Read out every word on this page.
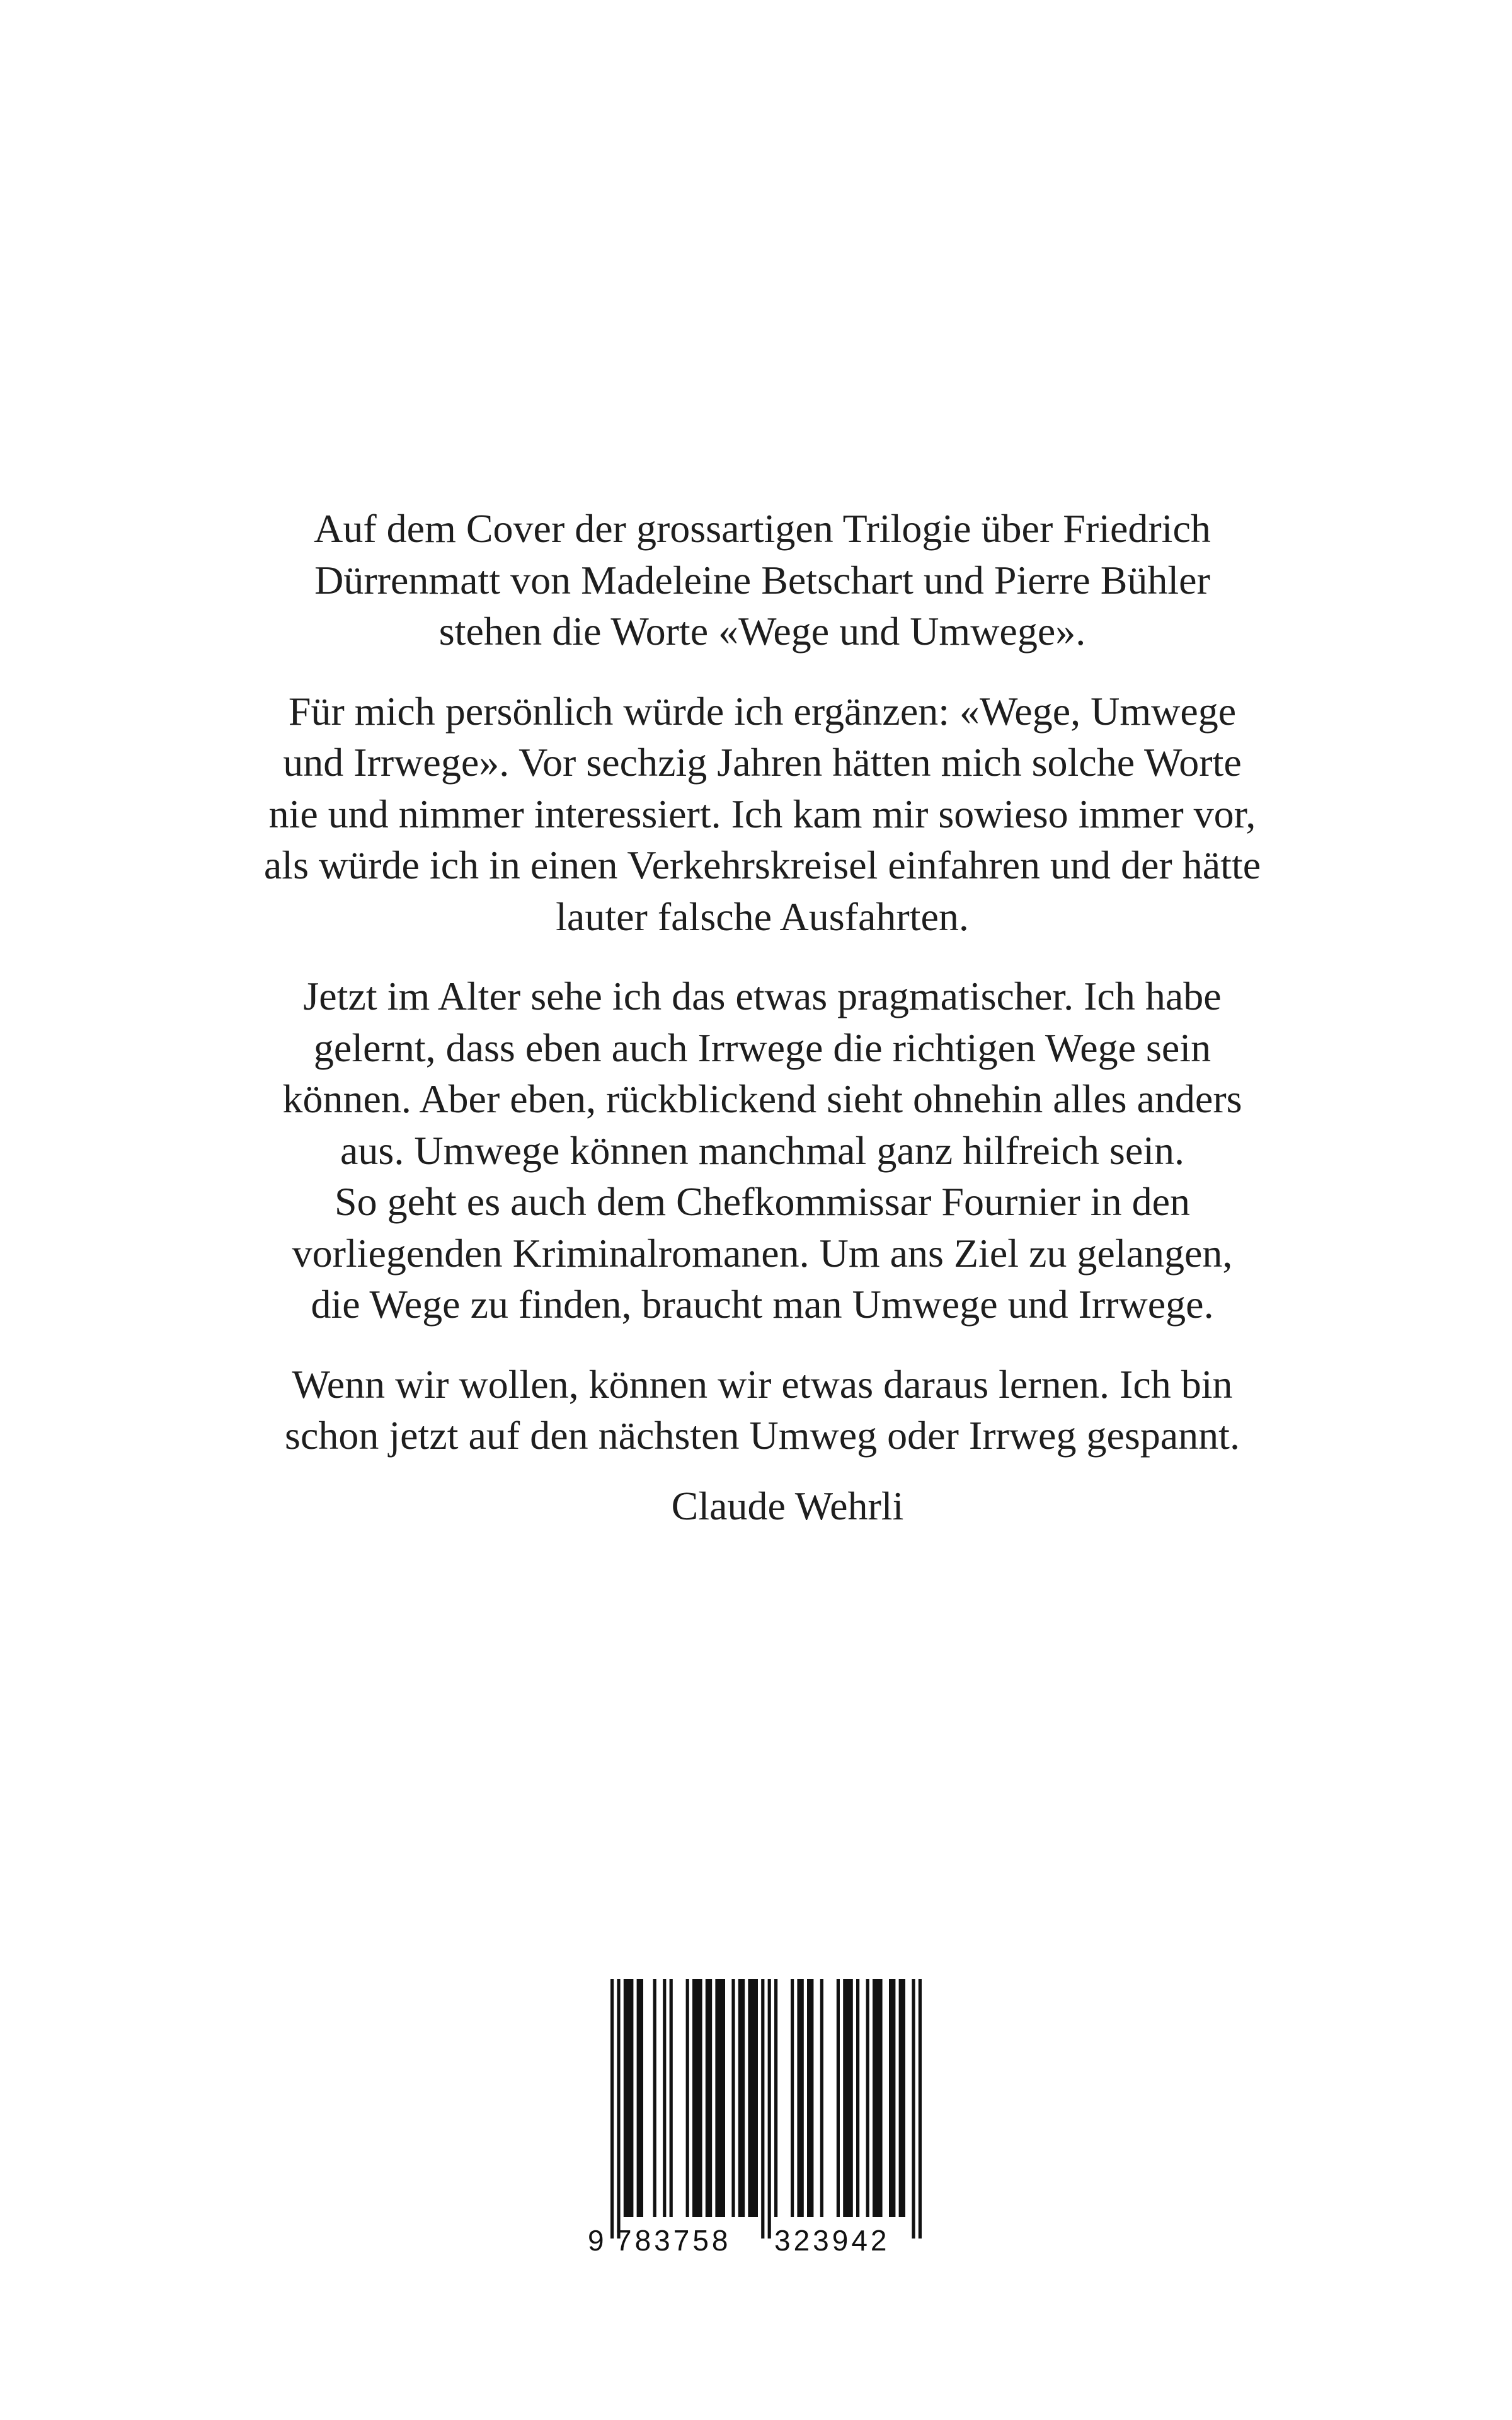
Auf dem Cover der grossartigen Trilogie über Friedrich
Dürrenmatt von Madeleine Betschart und Pierre Bühler
stehen die Worte «Wege und Umwege».
Für mich persönlich würde ich ergänzen: «Wege, Umwege
und Irrwege». Vor sechzig Jahren hätten mich solche Worte
nie und nimmer interessiert. Ich kam mir sowieso immer vor,
als würde ich in einen Verkehrskreisel einfahren und der hätte
lauter falsche Ausfahrten.
Jetzt im Alter sehe ich das etwas pragmatischer. Ich habe
gelernt, dass eben auch Irrwege die richtigen Wege sein
können. Aber eben, rückblickend sieht ohnehin alles anders
aus. Umwege können manchmal ganz hilfreich sein.
So geht es auch dem Chefkommissar Fournier in den
vorliegenden Kriminalromanen. Um ans Ziel zu gelangen,
die Wege zu finden, braucht man Umwege und Irrwege.
Wenn wir wollen, können wir etwas daraus lernen. Ich bin
schon jetzt auf den nächsten Umweg oder Irrweg gespannt.
Claude Wehrli
9 783758 323942
